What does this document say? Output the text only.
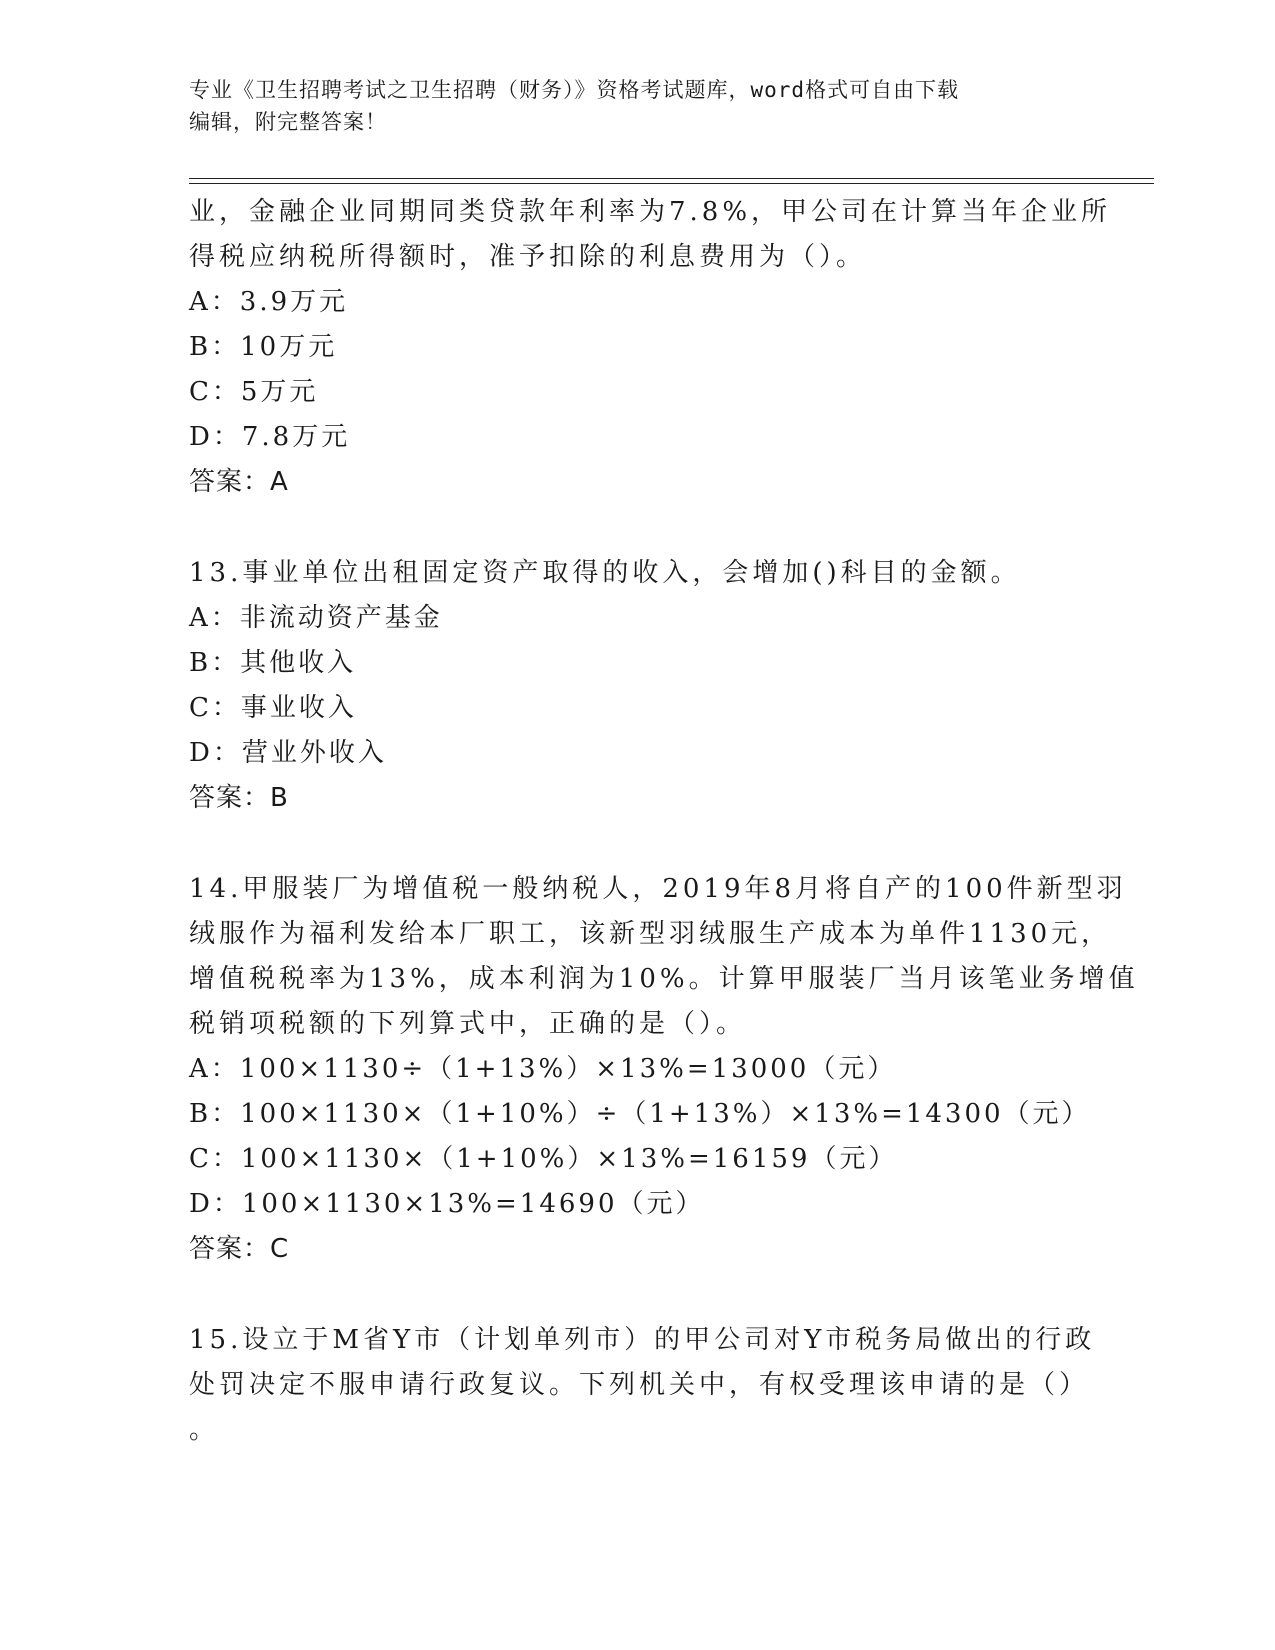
专业《卫生招聘考试之卫生招聘（财务）》资格考试题库，word格式可自由下载
编辑，附完整答案！
业，金融企业同期同类贷款年利率为7.8%，甲公司在计算当年企业所
得税应纳税所得额时，准予扣除的利息费用为（）。
A：3.9万元
B：10万元
C：5万元
D：7.8万元
答案：A
13.事业单位出租固定资产取得的收入，会增加()科目的金额。
A：非流动资产基金
B：其他收入
C：事业收入
D：营业外收入
答案：B
14.甲服装厂为增值税一般纳税人，2019年8月将自产的100件新型羽
绒服作为福利发给本厂职工，该新型羽绒服生产成本为单件1130元，
增值税税率为13%，成本利润为10%。计算甲服装厂当月该笔业务增值
税销项税额的下列算式中，正确的是（）。
A：100×1130÷（1+13%）×13%=13000（元）
B：100×1130×（1+10%）÷（1+13%）×13%=14300（元）
C：100×1130×（1+10%）×13%=16159（元）
D：100×1130×13%=14690（元）
答案：C
15.设立于M省Y市（计划单列市）的甲公司对Y市税务局做出的行政
处罚决定不服申请行政复议。下列机关中，有权受理该申请的是（）
。
